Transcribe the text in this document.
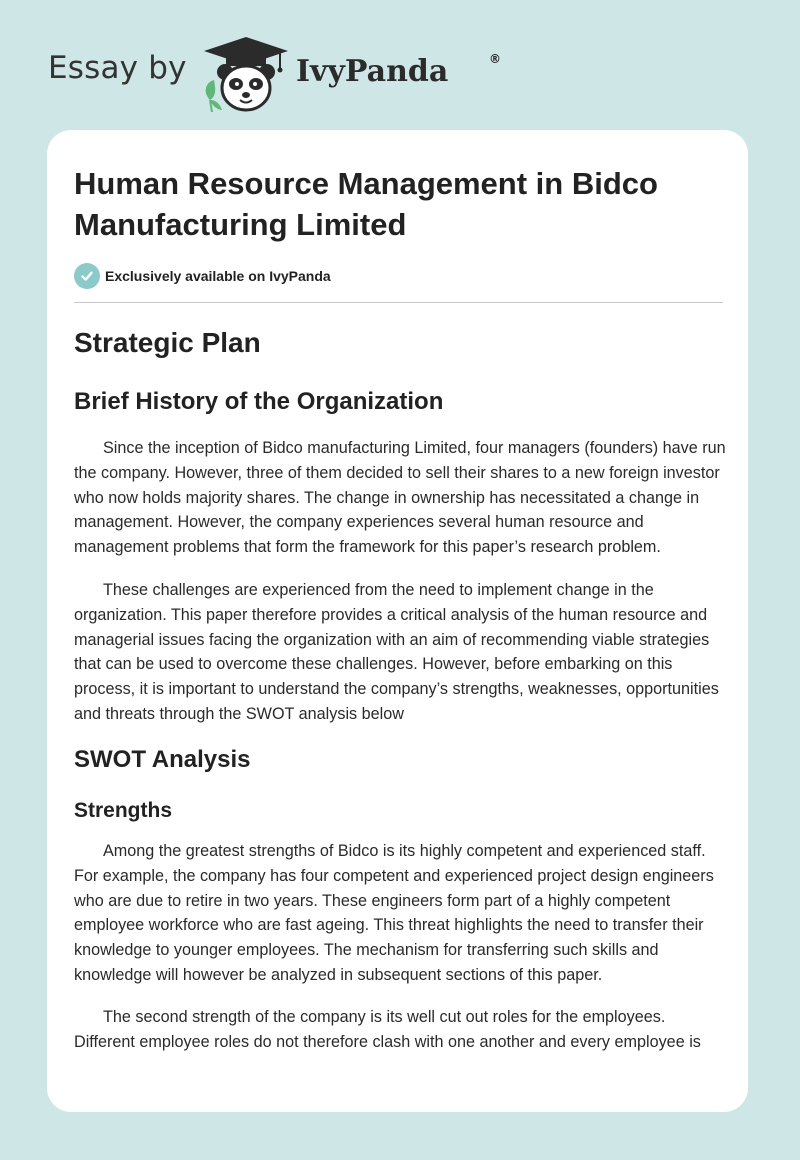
Essay by	IvyPanda	®
Human Resource Management in Bidco Manufacturing Limited
Exclusively available on IvyPanda
Strategic Plan
Brief History of the Organization

Since the inception of Bidco manufacturing Limited, four managers (founders) have run the company. However, three of them decided to sell their shares to a new foreign investor who now holds majority shares. The change in ownership has necessitated a change in management. However, the company experiences several human resource and management problems that form the framework for this paper’s research problem.

These challenges are experienced from the need to implement change in the organization. This paper therefore provides a critical analysis of the human resource and managerial issues facing the organization with an aim of recommending viable strategies that can be used to overcome these challenges. However, before embarking on this process, it is important to understand the company’s strengths, weaknesses, opportunities and threats through the SWOT analysis below

SWOT Analysis
Strengths

Among the greatest strengths of Bidco is its highly competent and experienced staff. For example, the company has four competent and experienced project design engineers who are due to retire in two years. These engineers form part of a highly competent employee workforce who are fast ageing. This threat highlights the need to transfer their knowledge to younger employees. The mechanism for transferring such skills and knowledge will however be analyzed in subsequent sections of this paper.

The second strength of the company is its well cut out roles for the employees. Different employee roles do not therefore clash with one another and every employee is
